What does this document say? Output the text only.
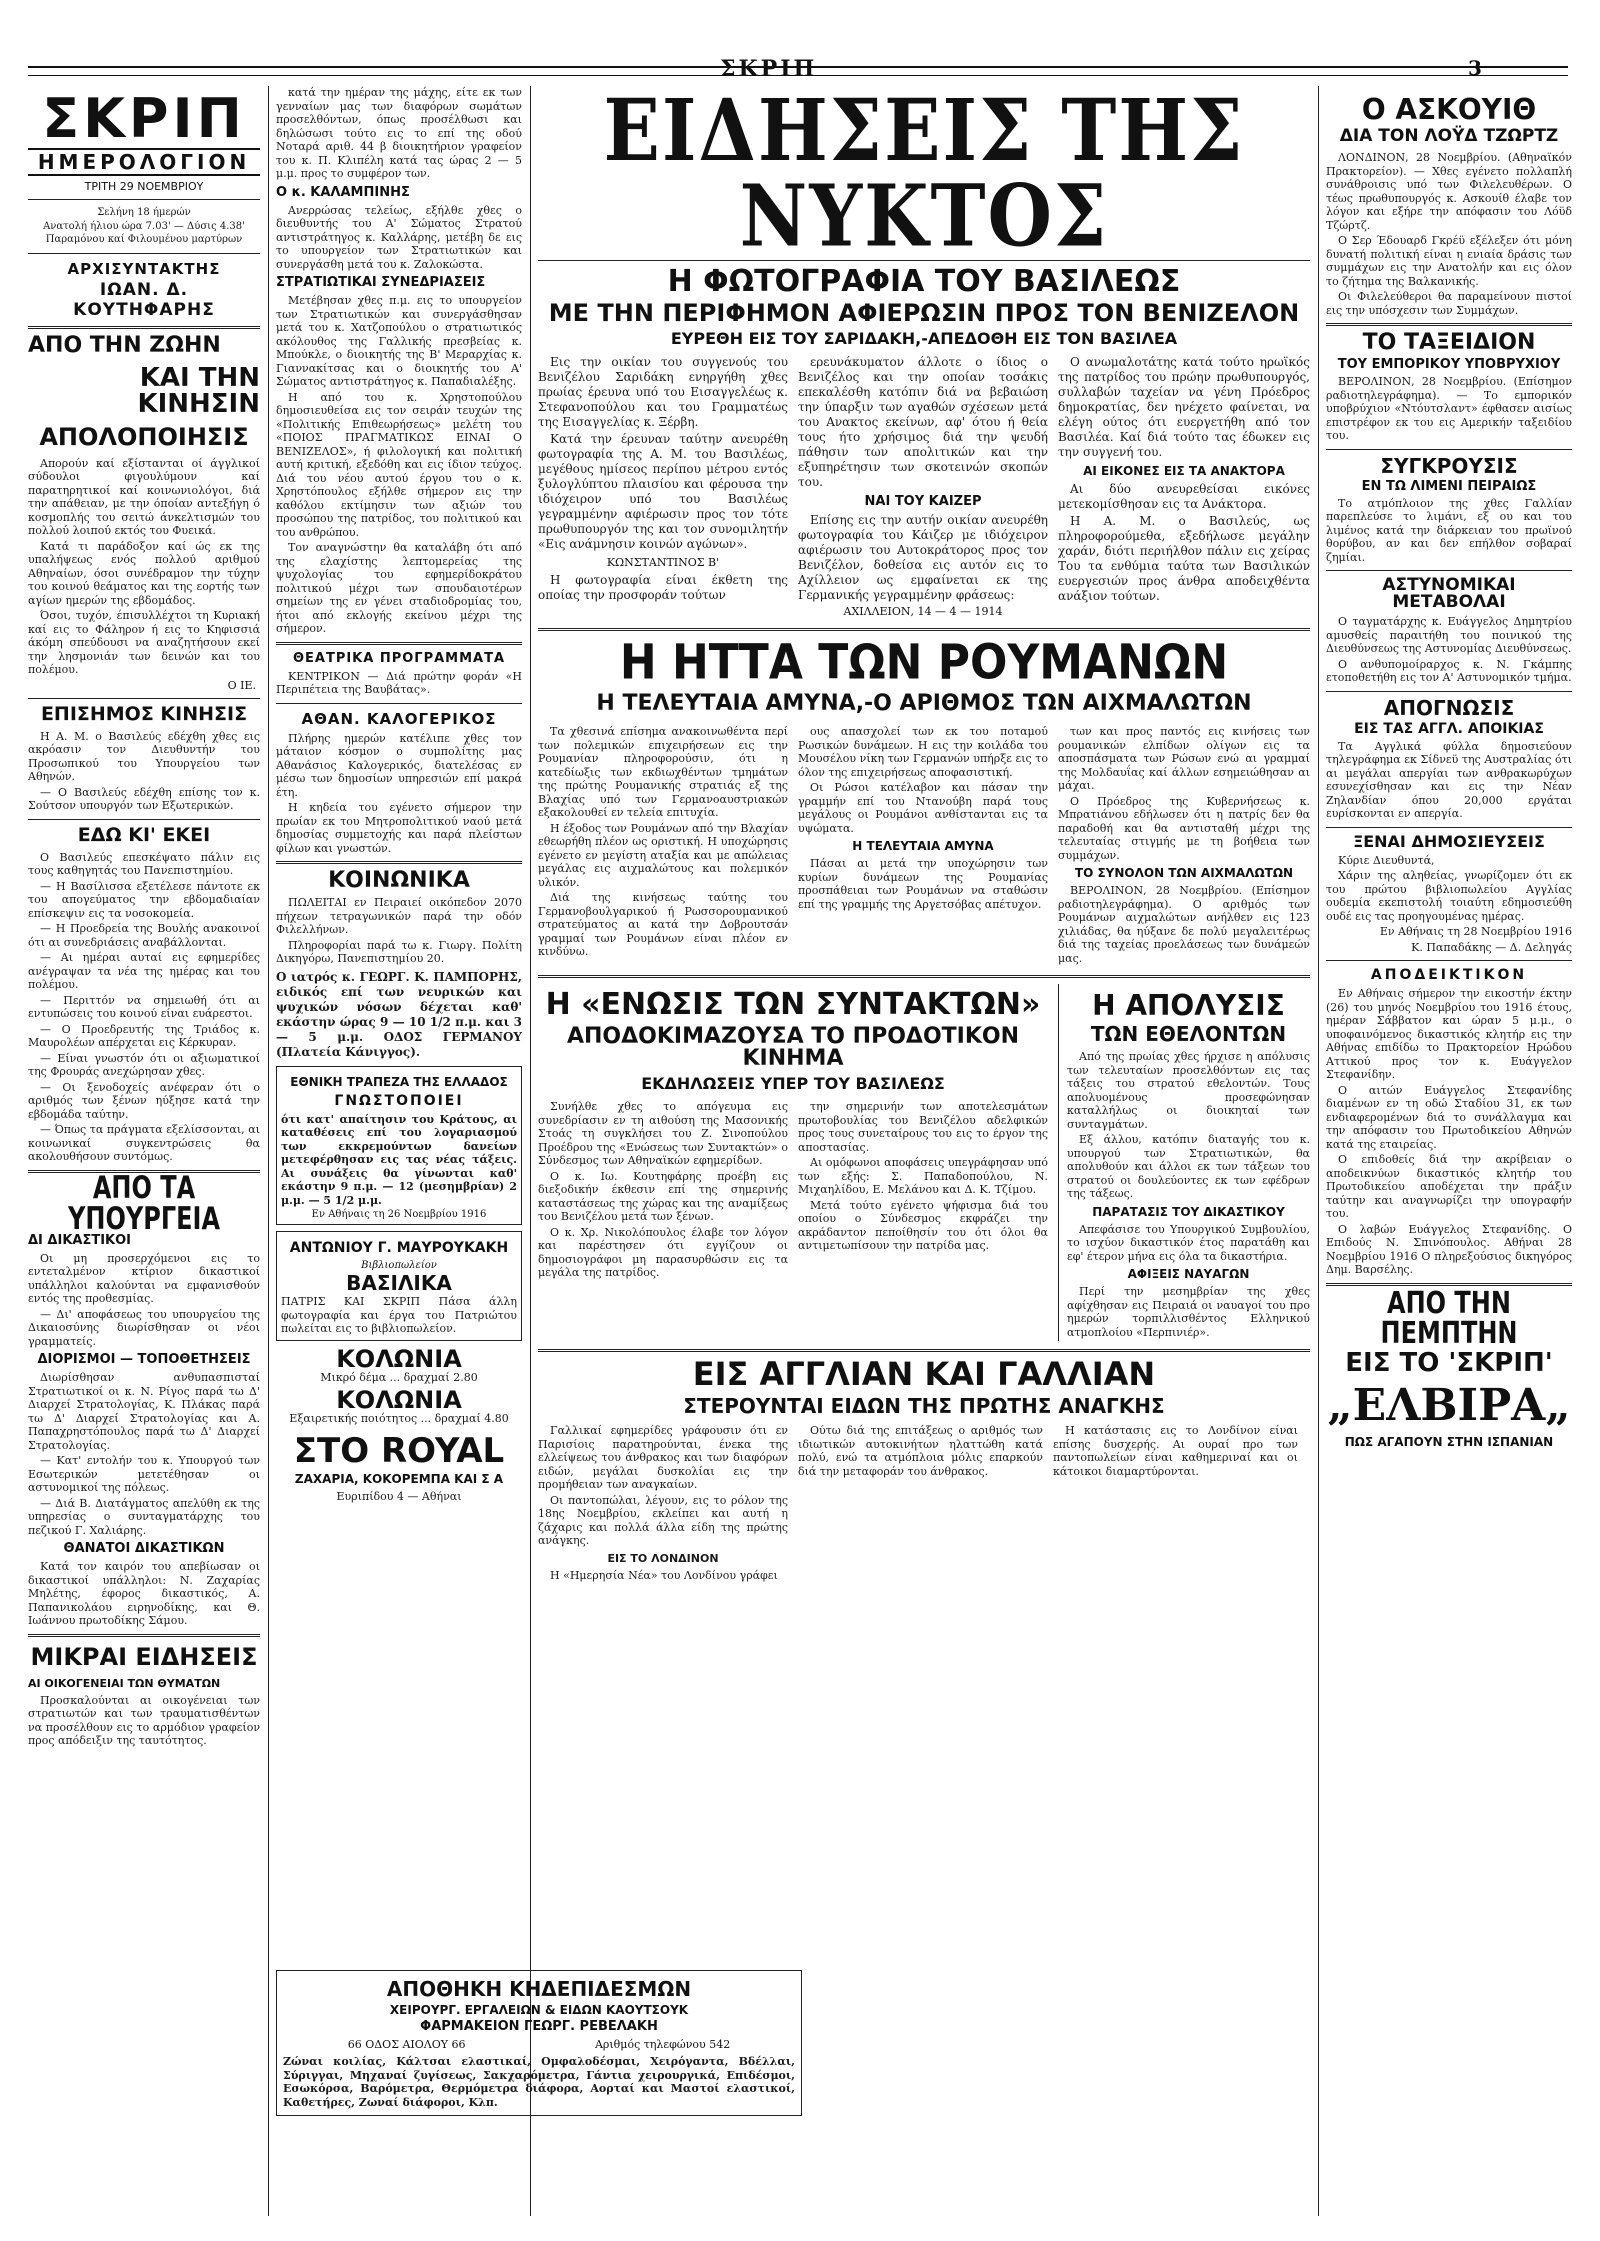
ΣΚΡΙΠ	3
ΣΚΡΙΠ
ΗΜΕΡΟΛΟΓΙΟΝ
ΤΡΙΤΗ 29 ΝΟΕΜΒΡΙΟΥ
Σελήνη 18 ήμερών
Ανατολή ήλιου ώρα 7.03' — Δύσις 4.38'
Παραμόνου καί Φιλουμένου μαρτύρων
ΑΡΧΙΣΥΝΤΑΚΤΗΣ
ΙΩΑΝ. Δ. ΚΟΥΤΗΦΑΡΗΣ
ΑΠΟ ΤΗΝ ΖΩΗΝ
ΚΑΙ ΤΗΝ ΚΙΝΗΣΙΝ
ΑΠΟΛΟΠΟΙΗΣΙΣ

Απορούν καί εξίστανται οί άγγλικοί σύδουλοι φιγουλύμουν καί παρατηρητικοί καί κοινωνιολόγοι, διά την απάθειαν, με την όποίαν αντεξήγη ό κοσμοπλής του σειτώ άνκελτισμών του πολλού λοιπού εκτός του Φυεικά.

Κατά τι παράδοξον καί ώς εκ της υπαλήψεως ενός πολλού αριθμού Αθηναίων, όσοι συνέδραμον την τύχην του κοινού θεάματος και της εορτής των αγίων ημερών της εβδομάδος.

Όσοι, τυχόν, έπισυλλέχτοι τη Κυριακή καί εις το Φάληρον ή εις το Κηφισσιά άκόμη σπεύδουσι να αναζητήσουν εκεί την λησμονιάν των δεινών και του πολέμου.

Ο ΙΕ.
ΕΠΙΣΗΜΟΣ ΚΙΝΗΣΙΣ

Η Α. Μ. ο Βασιλεύς εδέχθη χθες εις ακρόασιν τον Διευθυντήν του Προσωπικού του Υπουργείου των Αθηνών.

— Ο Βασιλεύς εδέχθη επίσης τον κ. Σούτσον υπουργόν των Εξωτερικών.

ΕΔΩ ΚΙ' ΕΚΕΙ

Ο Βασιλεύς επεσκέψατο πάλιν εις τους καθηγητάς του Πανεπιστημίου.

— Η Βασίλισσα εξετέλεσε πάντοτε εκ του απογεύματος την εβδομαδιαίαν επίσκεψιν εις τα νοσοκομεία.

— Η Προεδρεία της Βουλής ανακοινοί ότι αι συνεδριάσεις αναβάλλονται.

— Αι ημέραι αυταί εις εφημερίδες ανέγραψαν τα νέα της ημέρας και του πολέμου.

— Περιττόν να σημειωθή ότι αι εντυπώσεις του κοινού είναι ευάρεστοι.

— Ο Προεδρευτής της Τριάδος κ. Μαυρολέων απέρχεται εις Κέρκυραν.

— Είναι γνωστόν ότι οι αξιωματικοί της Φρουράς ανεχώρησαν χθες.

— Οι ξενοδοχείς ανέφεραν ότι ο αριθμός των ξένων ηύξησε κατά την εβδομάδα ταύτην.

— Όπως τα πράγματα εξελίσσονται, αι κοινωνικαί συγκεντρώσεις θα ακολουθήσουν συντόμως.

ΑΠΟ ΤΑ ΥΠΟΥΡΓΕΙΑ
ΔΙ ΔΙΚΑΣΤΙΚΟΙ

Οι μη προσερχόμενοι εις το εντεταλμένον κτίριον δικαστικοί υπάλληλοι καλούνται να εμφανισθούν εντός της προθεσμίας.

— Δι' αποφάσεως του υπουργείου της Δικαιοσύνης διωρίσθησαν οι νέοι γραμματείς.

ΔΙΟΡΙΣΜΟΙ — ΤΟΠΟΘΕΤΗΣΕΙΣ

Διωρίσθησαν ανθυπασπισταί Στρατιωτικοί οι κ. Ν. Ρίγος παρά τω Δ' Διαρχεί Στρατολογίας, Κ. Πλάκας παρά τω Δ' Διαρχεί Στρατολογίας και Α. Παπαχρηστόπουλος παρά τω Δ' Διαρχεί Στρατολογίας.

— Κατ' εντολήν του κ. Υπουργού των Εσωτερικών μετετέθησαν οι αστυνομικοί της πόλεως.

— Διά Β. Διατάγματος απελύθη εκ της υπηρεσίας ο συνταγματάρχης του πεζικού Γ. Χαλιάρης.

ΘΑΝΑΤΟΙ ΔΙΚΑΣΤΙΚΩΝ

Κατά τον καιρόν του απεβίωσαν οι δικαστικοί υπάλληλοι: Ν. Ζαχαρίας Μηλέτης, έφορος δικαστικός, Α. Παπανικολάου ειρηνοδίκης, και Θ. Ιωάννου πρωτοδίκης Σάμου.

ΜΙΚΡΑΙ ΕΙΔΗΣΕΙΣ
ΑΙ ΟΙΚΟΓΕΝΕΙΑΙ ΤΩΝ ΘΥΜΑΤΩΝ

Προσκαλούνται αι οικογένειαι των στρατιωτών και των τραυματισθέντων να προσέλθουν εις το αρμόδιον γραφείον προς απόδειξιν της ταυτότητος.

κατά την ημέραν της μάχης, είτε εκ των γενναίων μας των διαφόρων σωμάτων προσελθόντων, όπως προσέλθωσι και δηλώσωσι τούτο εις το επί της οδού Νοταρά αριθ. 44 β διοικητήριον γραφείον του κ. Π. Κλιπέλη κατά τας ώρας 2 — 5 μ.μ. προς το συμφέρον των.

Ο κ. ΚΑΛΑΜΠΙΝΗΣ

Ανερρώσας τελείως, εξήλθε χθες ο διευθυντής του Α' Σώματος Στρατού αντιστράτηγος κ. Καλλάρης, μετέβη δε εις το υπουργείον των Στρατιωτικών και συνεργάσθη μετά του κ. Ζαλοκώστα.

ΣΤΡΑΤΙΩΤΙΚΑΙ ΣΥΝΕΔΡΙΑΣΕΙΣ

Μετέβησαν χθες π.μ. εις το υπουργείον των Στρατιωτικών και συνεργάσθησαν μετά του κ. Χατζοπούλου ο στρατιωτικός ακόλουθος της Γαλλικής πρεσβείας κ. Μπούκλε, ο διοικητής της Β' Μεραρχίας κ. Γιαννακίτσας και ο διοικητής του Α' Σώματος αντιστράτηγος κ. Παπαδιαλέξης.

Η από του κ. Χρηστοπούλου δημοσιευθείσα εις τον σειράν τευχών της «Πολιτικής Επιθεωρήσεως» μελέτη του «ΠΟΙΟΣ ΠΡΑΓΜΑΤΙΚΩΣ ΕΙΝΑΙ Ο ΒΕΝΙΖΕΛΟΣ», ή φιλολογική και πολιτική αυτή κριτική, εξεδόθη και εις ίδιον τεύχος. Διά του νέου αυτού έργου του ο κ. Χρηστόπουλος εξήλθε σήμερον εις την καθόλου εκτίμησιν των αξιών του προσώπου της πατρίδος, του πολιτικού και του ανθρώπου.

Τον αναγνώστην θα καταλάβη ότι από της ελαχίστης λεπτομερείας της ψυχολογίας του εφημερίδοκράτου πολιτικού μέχρι των σπουδαιοτέρων σημείων της εν γένει σταδιοδρομίας του, ήτοι από εκλογής εκείνου μέχρι της σήμερον.

ΘΕΑΤΡΙΚΑ ΠΡΟΓΡΑΜΜΑΤΑ

ΚΕΝΤΡΙΚΟΝ — Διά πρώτην φοράν «Η Περιπέτεια της Βαυβάτας».

ΑΘΑΝ. ΚΑΛΟΓΕΡΙΚΟΣ

Πλήρης ημερών κατέλιπε χθες τον μάταιον κόσμον ο συμπολίτης μας Αθανάσιος Καλογερικός, διατελέσας εν μέσω των δημοσίων υπηρεσιών επί μακρά έτη.

Η κηδεία του εγένετο σήμερον την πρωίαν εκ του Μητροπολιτικού ναού μετά δημοσίας συμμετοχής και παρά πλείστων φίλων και γνωστών.

ΚΟΙΝΩΝΙΚΑ

ΠΩΛΕΙΤΑΙ εν Πειραιεί οικόπεδον 2070 πήχεων τετραγωνικών παρά την οδόν Φιλελλήνων.

Πληροφορίαι παρά τω κ. Γιωργ. Πολίτη Δικηγόρω, Πανεπιστημίου 20.

Ο ιατρός κ. ΓΕΩΡΓ. Κ. ΠΑΜΠΟΡΗΣ, ειδικός επί των νευρικών και ψυχικών νόσων δέχεται καθ' εκάστην ώρας 9 — 10 1/2 π.μ. και 3 — 5 μ.μ. ΟΔΟΣ ΓΕΡΜΑΝΟΥ (Πλατεία Κάνιγγος).
ΕΘΝΙΚΗ ΤΡΑΠΕΖΑ ΤΗΣ ΕΛΛΑΔΟΣ
ΓΝΩΣΤΟΠΟΙΕΙ
ότι κατ' απαίτησιν του Κράτους, αι καταθέσεις επί του λογαριασμού των εκκρεμούντων δανείων μετεφέρθησαν εις τας νέας τάξεις. Αι συνάξεις θα γίνωνται καθ' εκάστην 9 π.μ. — 12 (μεσημβρίαν) 2 μ.μ. — 5 1/2 μ.μ.
Εν Αθήναις τη 26 Νοεμβρίου 1916
ΑΝΤΩΝΙΟΥ Γ. ΜΑΥΡΟΥΚΑΚΗ
Βιβλιοπωλείον
ΒΑΣΙΛΙΚΑ
ΠΑΤΡΙΣ ΚΑΙ ΣΚΡΙΠ Πάσα άλλη φωτογραφία και έργα του Πατριώτου πωλείται εις το βιβλιοπωλείον.
ΚΟΛΩΝΙΑ
Μικρό δέμα ... δραχμαί 2.80
ΚΟΛΩΝΙΑ
Εξαιρετικής ποιότητος ... δραχμαί 4.80
ΣΤΟ ROYAL
ΖΑΧΑΡΙΑ, ΚΟΚΟΡΕΜΠΑ ΚΑΙ Σ Α
Ευριπίδου 4 — Αθήναι
ΕΙΔΗΣΕΙΣ ΤΗΣ ΝΥΚΤΟΣ
Η ΦΩΤΟΓΡΑΦΙΑ ΤΟΥ ΒΑΣΙΛΕΩΣ
ΜΕ ΤΗΝ ΠΕΡΙΦΗΜΟΝ ΑΦΙΕΡΩΣΙΝ ΠΡΟΣ ΤΟΝ ΒΕΝΙΖΕΛΟΝ
ΕΥΡΕΘΗ ΕΙΣ ΤΟΥ ΣΑΡΙΔΑΚΗ,-ΑΠΕΔΟΘΗ ΕΙΣ ΤΟΝ ΒΑΣΙΛΕΑ

Εις την οικίαν του συγγενούς του Βενιζέλου Σαριδάκη ενηργήθη χθες πρωίας έρευνα υπό του Εισαγγελέως κ. Στεφανοπούλου και του Γραμματέως της Εισαγγελίας κ. Ξέρβη.

Κατά την έρευναν ταύτην ανευρέθη φωτογραφία της Α. Μ. του Βασιλέως, μεγέθους ημίσεος περίπου μέτρου εντός ξυλογλύπτου πλαισίου και φέρουσα την ιδιόχειρον υπό του Βασιλέως γεγραμμένην αφιέρωσιν προς τον τότε πρωθυπουργόν της και τον συνομιλητήν «Εις ανάμνησιν κοινών αγώνων».

ΚΩΝΣΤΑΝΤΙΝΟΣ Β'

Η φωτογραφία είναι έκθετη της οποίας την προσφοράν τούτων

ερευνάκυματον άλλοτε ο ίδιος ο Βενιζέλος και την οποίαν τοσάκις επεκαλέσθη κατόπιν διά να βεβαιώση την ύπαρξιν των αγαθών σχέσεων μετά του Ανακτος εκείνων, αφ' ότου ή θεία τους ήτο χρήσιμος διά την ψευδή πάθησιν των απολιτικών και την εξυπηρέτησιν των σκοτεινών σκοπών του.

ΝΑΙ ΤΟΥ ΚΑΙΖΕΡ

Επίσης εις την αυτήν οικίαν ανευρέθη φωτογραφία του Κάιζερ με ιδιόχειρον αφιέρωσιν του Αυτοκράτορος προς τον Βενιζέλον, δοθείσα εις αυτόν εις το Αχίλλειον ως εμφαίνεται εκ της Γερμανικής γεγραμμένην φράσεως:

ΑΧΙΛΛΕΙΟΝ, 14 — 4 — 1914

Ο ανωμαλοτάτης κατά τούτο ηρωϊκός της πατρίδος του πρώην πρωθυπουργός, συλλαβών ταχείαν να γένη Πρόεδρος δημοκρατίας, δεν ηνέχετο φαίνεται, να ελέγη ούτος ότι ευεργετήθη από τον Βασιλέα. Καί διά τούτο τας έδωκεν εις την συγγενή του.

ΑΙ ΕΙΚΟΝΕΣ ΕΙΣ ΤΑ ΑΝΑΚΤΟΡΑ

Αι δύο ανευρεθείσαι εικόνες μετεκομίσθησαν εις τα Ανάκτορα.

Η Α. Μ. ο Βασιλεύς, ως πληροφορούμεθα, εξεδήλωσε μεγάλην χαράν, διότι περιήλθον πάλιν εις χείρας Του τα ενθύμια ταύτα των Βασιλικών ευεργεσιών προς άνθρα αποδειχθέντα ανάξιον τούτων.

Η ΗΤΤΑ ΤΩΝ ΡΟΥΜΑΝΩΝ
Η ΤΕΛΕΥΤΑΙΑ ΑΜΥΝΑ,-Ο ΑΡΙΘΜΟΣ ΤΩΝ ΑΙΧΜΑΛΩΤΩΝ

Τα χθεσινά επίσημα ανακοινωθέντα περί των πολεμικών επιχειρήσεων εις την Ρουμανίαν πληροφορούσιν, ότι η κατεδίωξις των εκδιωχθέντων τμημάτων της πρώτης Ρουμανικής στρατιάς εξ της Βλαχίας υπό των Γερμανοαυστριακών εξακολουθεί εν τελεία επιτυχία.

Η έξοδος των Ρουμάνων από την Βλαχίαν εθεωρήθη πλέον ως οριστική. Η υποχώρησις εγένετο εν μεγίστη αταξία και με απώλειας μεγάλας εις αιχμαλώτους και πολεμικόν υλικόν.

Διά της κινήσεως ταύτης του Γερμανοβουλγαρικού ή Ρωσσορουμανικού στρατεύματος αι κατά την Δοβρουτσάν γραμμαί των Ρουμάνων είναι πλέον εν κινδύνω.

ους απασχολεί των εκ του ποταμού Ρωσικών δυνάμεων. Η εις την κοιλάδα του Μουσέλου νίκη των Γερμανών υπήρξε εις το όλον της επιχειρήσεως αποφασιστική.

Οι Ρώσοι κατέλαβον και πάσαν την γραμμήν επί του Ντανούβη παρά τους μεγάλους οι Ρουμάνοι ανθίστανται εις τα υψώματα.

Η ΤΕΛΕΥΤΑΙΑ ΑΜΥΝΑ

Πάσαι αι μετά την υποχώρησιν των κυρίων δυνάμεων της Ρουμανίας προσπάθειαι των Ρουμάνων να σταθώσιν επί της γραμμής της Αργετσόβας απέτυχον.

των και προς παντός εις κινήσεις των ρουμανικών ελπίδων ολίγων εις τα αποσπάσματα των Ρώσων ενώ αι γραμμαί της Μολδαυΐας καί άλλων εσημειώθησαν αι μάχαι.

Ο Πρόεδρος της Κυβερνήσεως κ. Μπρατιάνου εδήλωσεν ότι η πατρίς δεν θα παραδοθή και θα αντισταθή μέχρι της τελευταίας στιγμής με τη βοήθεια των συμμάχων.

ΤΟ ΣΥΝΟΛΟΝ ΤΩΝ ΑΙΧΜΑΛΩΤΩΝ

ΒΕΡΟΛΙΝΟΝ, 28 Νοεμβρίου. (Επίσημον ραδιοτηλεγράφημα). Ο αριθμός των Ρουμάνων αιχμαλώτων ανήλθεν εις 123 χιλιάδας, θα ηύξανε δε πολύ μεγαλειτέρως διά της ταχείας προελάσεως των δυνάμεών μας.

Η «ΕΝΩΣΙΣ ΤΩΝ ΣΥΝΤΑΚΤΩΝ»
ΑΠΟΔΟΚΙΜΑΖΟΥΣΑ ΤΟ ΠΡΟΔΟΤΙΚΟΝ ΚΙΝΗΜΑ
ΕΚΔΗΛΩΣΕΙΣ ΥΠΕΡ ΤΟΥ ΒΑΣΙΛΕΩΣ

Συνήλθε χθες το απόγευμα εις συνεδρίασιν εν τη αιθούση της Μασονικής Στοάς τη συγκλήσει του Ζ. Σινοπούλου Προέδρου της «Ενώσεως των Συντακτών» ο Σύνδεσμος των Αθηναϊκών εφημερίδων.

Ο κ. Ιω. Κουτηφάρης προέβη εις διεξοδικήν έκθεσιν επί της σημερινής καταστάσεως της χώρας και της αναμίξεως του Βενιζέλου μετά των ξένων.

Ο κ. Χρ. Νικολόπουλος έλαβε τον λόγον και παρέστησεν ότι εγγίζουν οι δημοσιογράφοι μη παρασυρθώσιν εις τα μεγάλα της πατρίδος.

την σημερινήν των αποτελεσμάτων πρωτοβουλίας του Βενιζέλου αδελφικών προς τους συνεταίρους του εις το έργον της αποστασίας.

Αι ομόφωνοι αποφάσεις υπεγράφησαν υπό των εξής: Σ. Παπαδοπούλου, Ν. Μιχαηλίδου, Ε. Μελάνου και Δ. Κ. Τζίμου.

Μετά τούτο εγένετο ψήφισμα διά του οποίου ο Σύνδεσμος εκφράζει την ακράδαντον πεποίθησίν του ότι όλοι θα αντιμετωπίσουν την πατρίδα μας.

Η ΑΠΟΛΥΣΙΣ
ΤΩΝ ΕΘΕΛΟΝΤΩΝ

Από της πρωίας χθες ήρχισε η απόλυσις των τελευταίων προσελθόντων εις τας τάξεις του στρατού εθελοντών. Τους απολυομένους προσεφώνησαν καταλλήλως οι διοικηταί των συνταγμάτων.

Εξ άλλου, κατόπιν διαταγής του κ. υπουργού των Στρατιωτικών, θα απολυθούν και άλλοι εκ των τάξεων του στρατού οι δουλεύοντες εκ των εφέδρων της τάξεως.

ΠΑΡΑΤΑΣΙΣ ΤΟΥ ΔΙΚΑΣΤΙΚΟΥ

Απεφάσισε του Υπουργικού Συμβουλίου, το ισχύον δικαστικόν έτος παρατάθη και εφ' έτερον μήνα εις όλα τα δικαστήρια.

ΑΦΙΞΕΙΣ ΝΑΥΑΓΩΝ

Περί την μεσημβρίαν της χθες αφίχθησαν εις Πειραιά οι ναυαγοί του προ ημερών τορπιλλισθέντος Ελληνικού ατμοπλοίου «Περπινιέρ».

ΕΙΣ ΑΓΓΛΙΑΝ ΚΑΙ ΓΑΛΛΙΑΝ
ΣΤΕΡΟΥΝΤΑΙ ΕΙΔΩΝ ΤΗΣ ΠΡΩΤΗΣ ΑΝΑΓΚΗΣ

Γαλλικαί εφημερίδες γράφουσιν ότι εν Παρισίοις παρατηρούνται, ένεκα της ελλείψεως του άνθρακος και των διαφόρων ειδών, μεγάλαι δυσκολίαι εις την προμήθειαν των αναγκαίων.

Οι παντοπώλαι, λέγουν, εις το ρόλον της 18ης Νοεμβρίου, εκλείπει και αυτή η ζάχαρις και πολλά άλλα είδη της πρώτης ανάγκης.

ΕΙΣ ΤΟ ΛΟΝΔΙΝΟΝ

Η «Ημερησία Νέα» του Λονδίνου γράφει

Ούτω διά της επιτάξεως ο αριθμός των ιδιωτικών αυτοκινήτων ηλαττώθη κατά πολύ, ενώ τα ατμόπλοια μόλις επαρκούν διά την μεταφοράν του άνθρακος.

Η κατάστασις εις το Λονδίνον είναι επίσης δυσχερής. Αι ουραί προ των παντοπωλείων είναι καθημεριναί και οι κάτοικοι διαμαρτύρονται.

ΑΠΟΘΗΚΗ ΚΗΔΕΠΙΔΕΣΜΩΝ
ΧΕΙΡΟΥΡΓ. ΕΡΓΑΛΕΙΩΝ & ΕΙΔΩΝ ΚΑΟΥΤΣΟΥΚ
ΦΑΡΜΑΚΕΙΟΝ ΓΕΩΡΓ. ΡΕΒΕΛΑΚΗ
66 ΟΔΟΣ ΑΙΟΛΟΥ 66	Αριθμός τηλεφώνου 542
Ζώναι κοιλίας, Κάλτσαι ελαστικαί, Ομφαλοδέσμαι, Χειρόγαντα, Βδέλλαι, Σύριγγαι, Μηχαναί ζυγίσεως, Σακχαρόμετρα, Γάντια χειρουργικά, Επιδέσμοι, Εσωκόρσα, Βαρόμετρα, Θερμόμετρα διάφορα, Αορταί και Μαστοί ελαστικοί, Καθετήρες, Ζωναί διάφοροι, Κλπ.
Ο ΑΣΚΟΥΙΘ
ΔΙΑ ΤΟΝ ΛΟΫΔ ΤΖΩΡΤΖ

ΛΟΝΔΙΝΟΝ, 28 Νοεμβρίου. (Αθηναϊκόν Πρακτορείον). — Χθες εγένετο πολλαπλή συνάθροισις υπό των Φιλελευθέρων. Ο τέως πρωθυπουργός κ. Ασκουίθ έλαβε τον λόγον και εξήρε την απόφασιν του Λόϋδ Τζώρτζ.

Ο Σερ Έδουαρδ Γκρέϋ εξέλεξεν ότι μόνη δυνατή πολιτική είναι η ενιαία δράσις των συμμάχων εις την Ανατολήν και εις όλον το ζήτημα της Βαλκανικής.

Οι Φιλελεύθεροι θα παραμείνουν πιστοί εις την υπόσχεσιν των Συμμάχων.

ΤΟ ΤΑΞΕΙΔΙΟΝ
ΤΟΥ ΕΜΠΟΡΙΚΟΥ ΥΠΟΒΡΥΧΙΟΥ

ΒΕΡΟΛΙΝΟΝ, 28 Νοεμβρίου. (Επίσημον ραδιοτηλεγράφημα). — Το εμπορικόν υποβρύχιον «Ντόυτσλαντ» έφθασεν αισίως επιστρέφον εκ του εις Αμερικήν ταξειδίου του.

ΣΥΓΚΡΟΥΣΙΣ
ΕΝ ΤΩ ΛΙΜΕΝΙ ΠΕΙΡΑΙΩΣ

Το ατμόπλοιον της χθες Γαλλίαν παρεπλεύσε το λιμάνι, εξ ου και του λιμένος κατά την διάρκειαν του πρωϊνού θορύβου, αν και δεν επήλθον σοβαραί ζημίαι.

ΑΣΤΥΝΟΜΙΚΑΙ ΜΕΤΑΒΟΛΑΙ

Ο ταγματάρχης κ. Ευάγγελος Δημητρίου αμυσθείς παραιτήθη του ποινικού της Διευθύνσεως της Αστυνομίας Διευθύνσεως.

Ο ανθυπομοίραρχος κ. Ν. Γκάμπης ετοποθετήθη εις τον Α' Αστυνομικόν τμήμα.

ΑΠΟΓΝΩΣΙΣ
ΕΙΣ ΤΑΣ ΑΓΓΛ. ΑΠΟΙΚΙΑΣ

Τα Αγγλικά φύλλα δημοσιεύουν τηλεγράφημα εκ Σίδνεϋ της Αυστραλίας ότι αι μεγάλαι απεργίαι των ανθρακωρύχων εσυνεχίσθησαν και εις την Νέαν Ζηλανδίαν όπου 20,000 εργάται ευρίσκονται εν απεργία.

ΞΕΝΑΙ ΔΗΜΟΣΙΕΥΣΕΙΣ

Κύριε Διευθυντά,

Χάριν της αληθείας, γνωρίζομεν ότι εκ του πρώτου βιβλιοπωλείου Αγγλίας ουδεμία εκεπιστολή τοιαύτη εδημοσιεύθη ουδέ εις τας προηγουμένας ημέρας.

Εν Αθήναις τη 28 Νοεμβρίου 1916

Κ. Παπαδάκης — Δ. Δεληγάς

ΑΠΟΔΕΙΚΤΙΚΟΝ

Εν Αθήναις σήμερον την εικοστήν έκτην (26) του μηνός Νοεμβρίου του 1916 έτους, ημέραν Σάββατον και ώραν 5 μ.μ., ο υποφαινόμενος δικαστικός κλητήρ εις την Αθήνας επιδίδω το Πρακτορείον Ηρώδου Αττικού προς τον κ. Ευάγγελον Στεφανίδην.

Ο αιτών Ευάγγελος Στεφανίδης διαμένων εν τη οδώ Σταδίου 31, εκ των ενδιαφερομένων διά το συνάλλαγμα και την απόφασιν του Πρωτοδικείου Αθηνών κατά της εταιρείας.

Ο επιδοθείς διά την ακρίβειαν ο αποδεικνύων δικαστικός κλητήρ του Πρωτοδικείου αποδέχεται την πράξιν ταύτην και αναγνωρίζει την υπογραφήν του.

Ο λαβών Ευάγγελος Στεφανίδης. Ο Επιδούς Ν. Σπινόπουλος. Αθήναι 28 Νοεμβρίου 1916 Ο πληρεξούσιος δικηγόρος Δημ. Βαρσέλης.

ΑΠΟ ΤΗΝ ΠΕΜΠΤΗΝ
ΕΙΣ ΤΟ 'ΣΚΡΙΠ'
„ΕΛΒΙΡΑ„
ΠΩΣ ΑΓΑΠΟΥΝ ΣΤΗΝ ΙΣΠΑΝΙΑΝ
